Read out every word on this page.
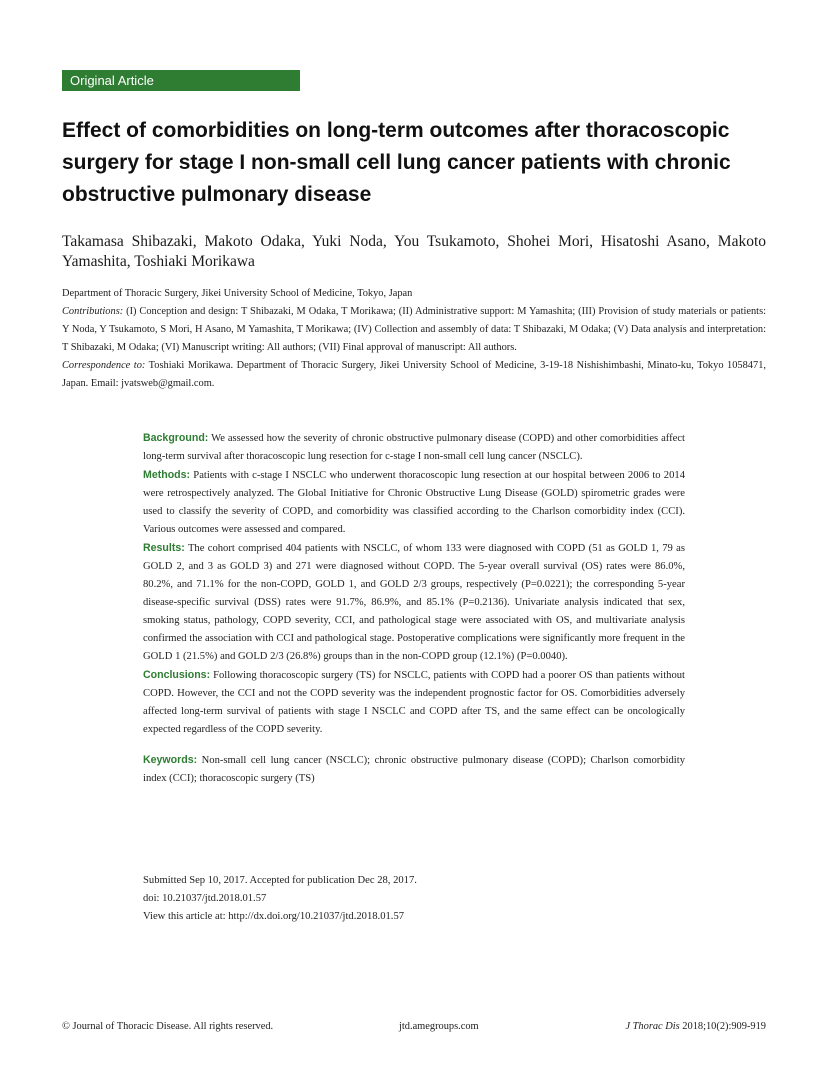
Original Article
Effect of comorbidities on long-term outcomes after thoracoscopic surgery for stage I non-small cell lung cancer patients with chronic obstructive pulmonary disease
Takamasa Shibazaki, Makoto Odaka, Yuki Noda, You Tsukamoto, Shohei Mori, Hisatoshi Asano, Makoto Yamashita, Toshiaki Morikawa

Department of Thoracic Surgery, Jikei University School of Medicine, Tokyo, Japan

Contributions: (I) Conception and design: T Shibazaki, M Odaka, T Morikawa; (II) Administrative support: M Yamashita; (III) Provision of study materials or patients: Y Noda, Y Tsukamoto, S Mori, H Asano, M Yamashita, T Morikawa; (IV) Collection and assembly of data: T Shibazaki, M Odaka; (V) Data analysis and interpretation: T Shibazaki, M Odaka; (VI) Manuscript writing: All authors; (VII) Final approval of manuscript: All authors.

Correspondence to: Toshiaki Morikawa. Department of Thoracic Surgery, Jikei University School of Medicine, 3-19-18 Nishishimbashi, Minato-ku, Tokyo 1058471, Japan. Email: jvatsweb@gmail.com.

Background: We assessed how the severity of chronic obstructive pulmonary disease (COPD) and other comorbidities affect long-term survival after thoracoscopic lung resection for c-stage I non-small cell lung cancer (NSCLC).

Methods: Patients with c-stage I NSCLC who underwent thoracoscopic lung resection at our hospital between 2006 to 2014 were retrospectively analyzed. The Global Initiative for Chronic Obstructive Lung Disease (GOLD) spirometric grades were used to classify the severity of COPD, and comorbidity was classified according to the Charlson comorbidity index (CCI). Various outcomes were assessed and compared.

Results: The cohort comprised 404 patients with NSCLC, of whom 133 were diagnosed with COPD (51 as GOLD 1, 79 as GOLD 2, and 3 as GOLD 3) and 271 were diagnosed without COPD. The 5-year overall survival (OS) rates were 86.0%, 80.2%, and 71.1% for the non-COPD, GOLD 1, and GOLD 2/3 groups, respectively (P=0.0221); the corresponding 5-year disease-specific survival (DSS) rates were 91.7%, 86.9%, and 85.1% (P=0.2136). Univariate analysis indicated that sex, smoking status, pathology, COPD severity, CCI, and pathological stage were associated with OS, and multivariate analysis confirmed the association with CCI and pathological stage. Postoperative complications were significantly more frequent in the GOLD 1 (21.5%) and GOLD 2/3 (26.8%) groups than in the non-COPD group (12.1%) (P=0.0040).

Conclusions: Following thoracoscopic surgery (TS) for NSCLC, patients with COPD had a poorer OS than patients without COPD. However, the CCI and not the COPD severity was the independent prognostic factor for OS. Comorbidities adversely affected long-term survival of patients with stage I NSCLC and COPD after TS, and the same effect can be oncologically expected regardless of the COPD severity.

Keywords: Non-small cell lung cancer (NSCLC); chronic obstructive pulmonary disease (COPD); Charlson comorbidity index (CCI); thoracoscopic surgery (TS)

Submitted Sep 10, 2017. Accepted for publication Dec 28, 2017.
doi: 10.21037/jtd.2018.01.57
View this article at: http://dx.doi.org/10.21037/jtd.2018.01.57
© Journal of Thoracic Disease. All rights reserved.	jtd.amegroups.com	J Thorac Dis 2018;10(2):909-919
